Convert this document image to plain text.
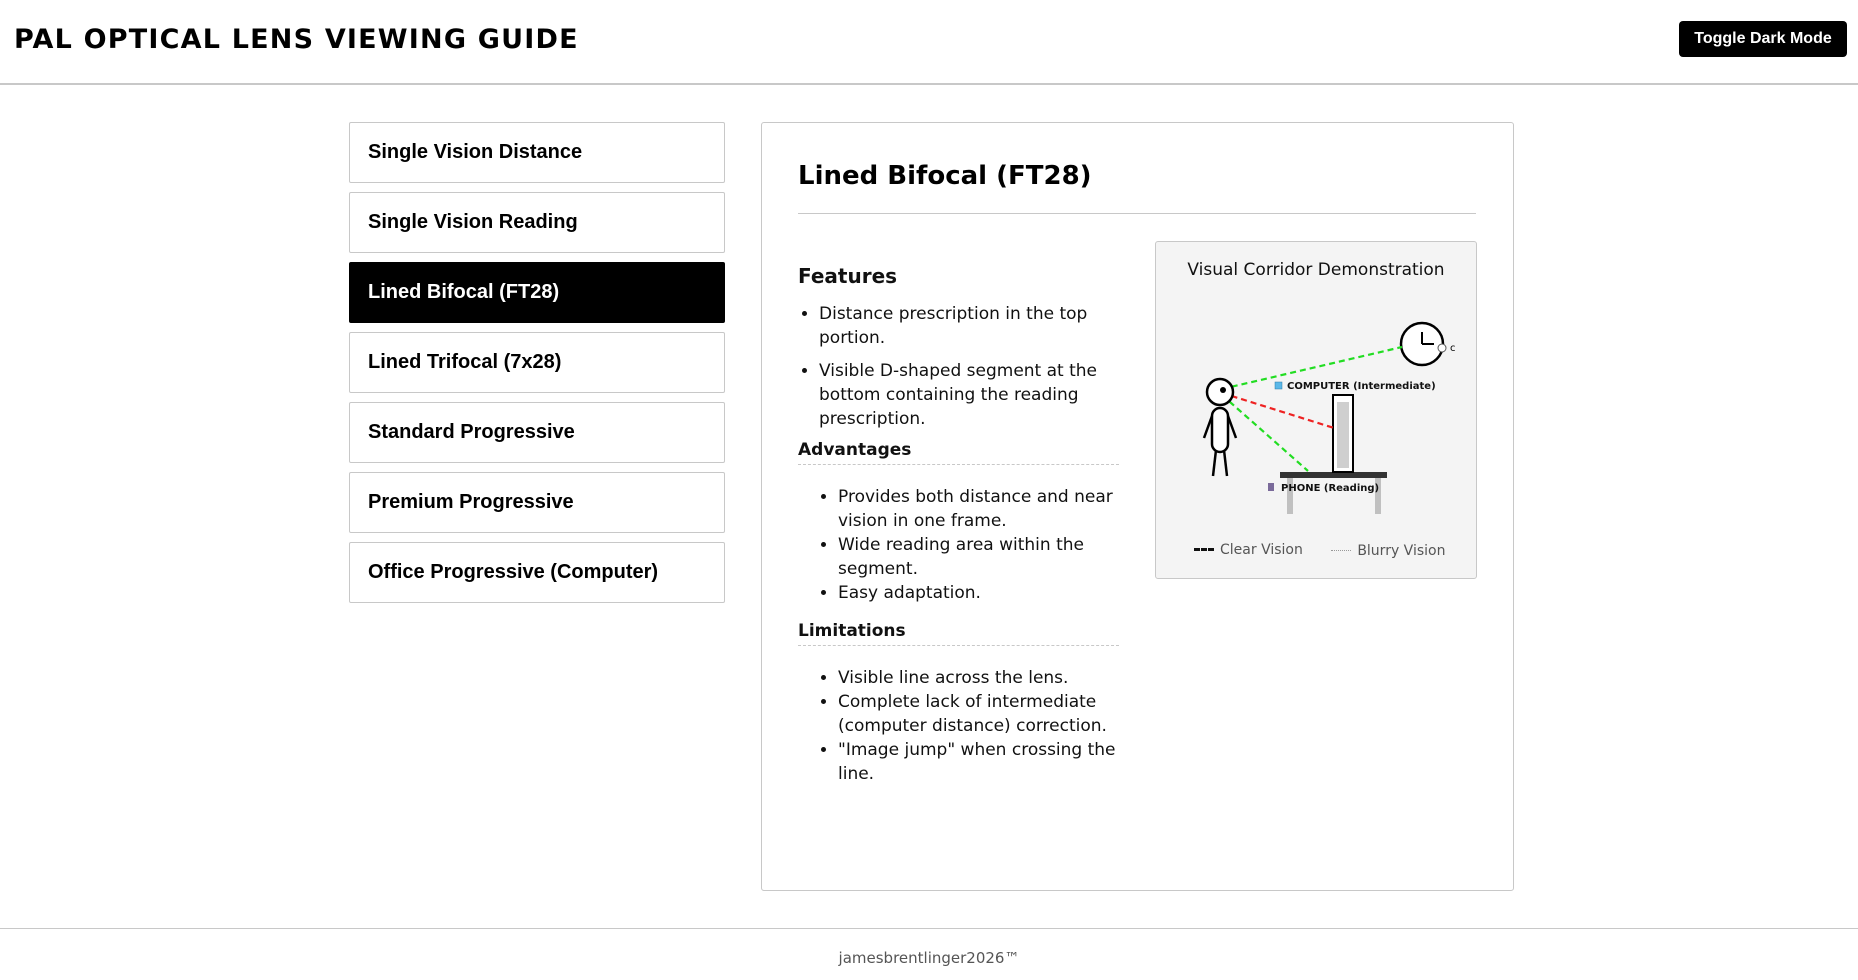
PAL OPTICAL LENS VIEWING GUIDE	Toggle Dark Mode
Single Vision Distance
Single Vision Reading
Lined Bifocal (FT28)
Lined Trifocal (7x28)
Standard Progressive
Premium Progressive
Office Progressive (Computer)
Lined Bifocal (FT28)
Features
• Distance prescription in the top portion.
• Visible D-shaped segment at the bottom containing the reading prescription.
Advantages
• Provides both distance and near vision in one frame.
• Wide reading area within the segment.
• Easy adaptation.
Limitations
• Visible line across the lens.
• Complete lack of intermediate (computer distance) correction.
• "Image jump" when crossing the line.
Visual Corridor Demonstration
c
COMPUTER (Intermediate)
PHONE (Reading)
Clear Vision
	Blurry Vision
jamesbrentlinger2026™
